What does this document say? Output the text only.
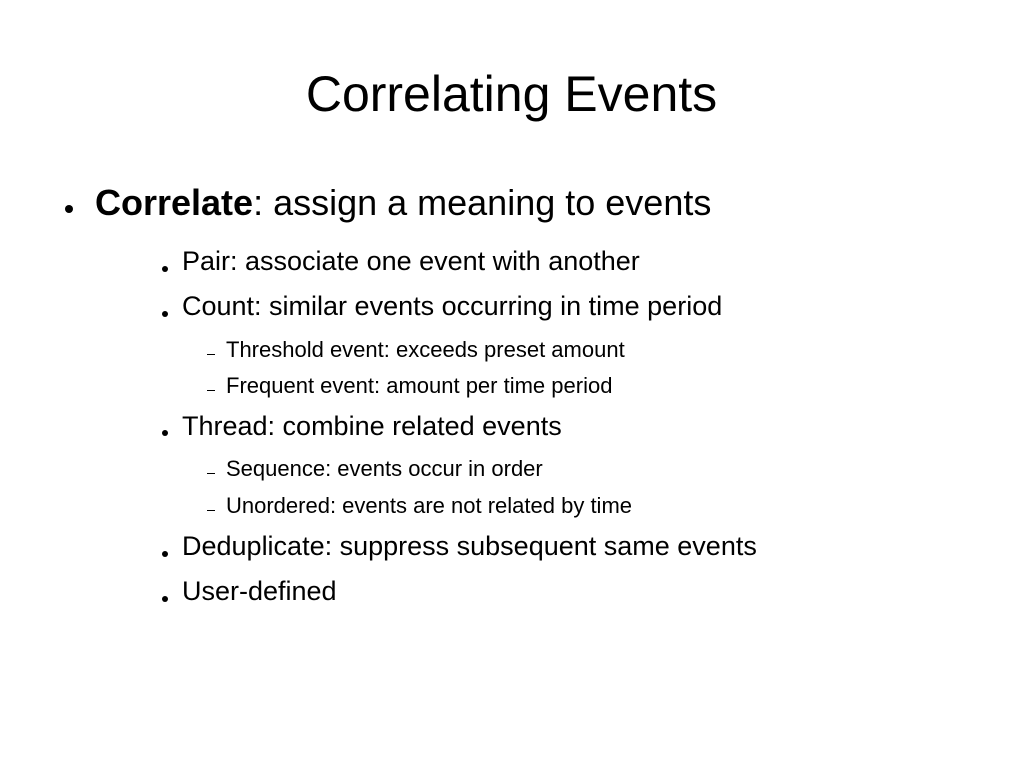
Correlating Events
Correlate: assign a meaning to events
Pair: associate one event with another
Count: similar events occurring in time period
Threshold event: exceeds preset amount
Frequent event: amount per time period
Thread: combine related events
Sequence: events occur in order
Unordered: events are not related by time
Deduplicate: suppress subsequent same events
User-defined
